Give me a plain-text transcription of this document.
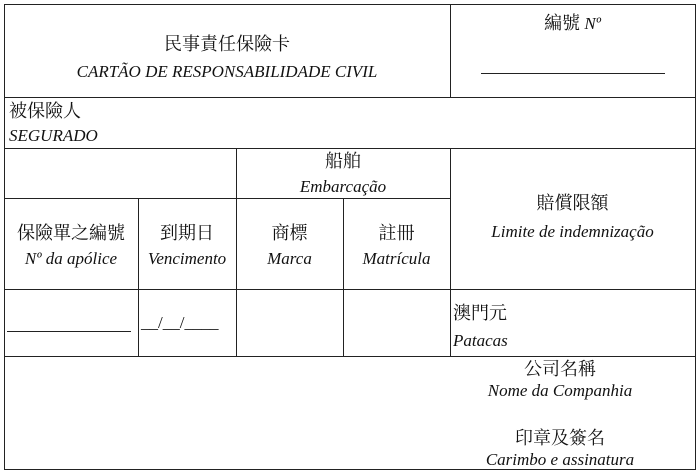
民事責任保險卡
CARTÃO DE RESPONSABILIDADE CIVIL
編號 Nº
被保險人
SEGURADO
船舶
Embarcação
保險單之編號
Nº da apólice
到期日
Vencimento
商標
Marca
註冊
Matrícula
賠償限額
Limite de indemnização
__/__/____	澳門元
Patacas
公司名稱
Nome da Companhia
印章及簽名
Carimbo e assinatura
